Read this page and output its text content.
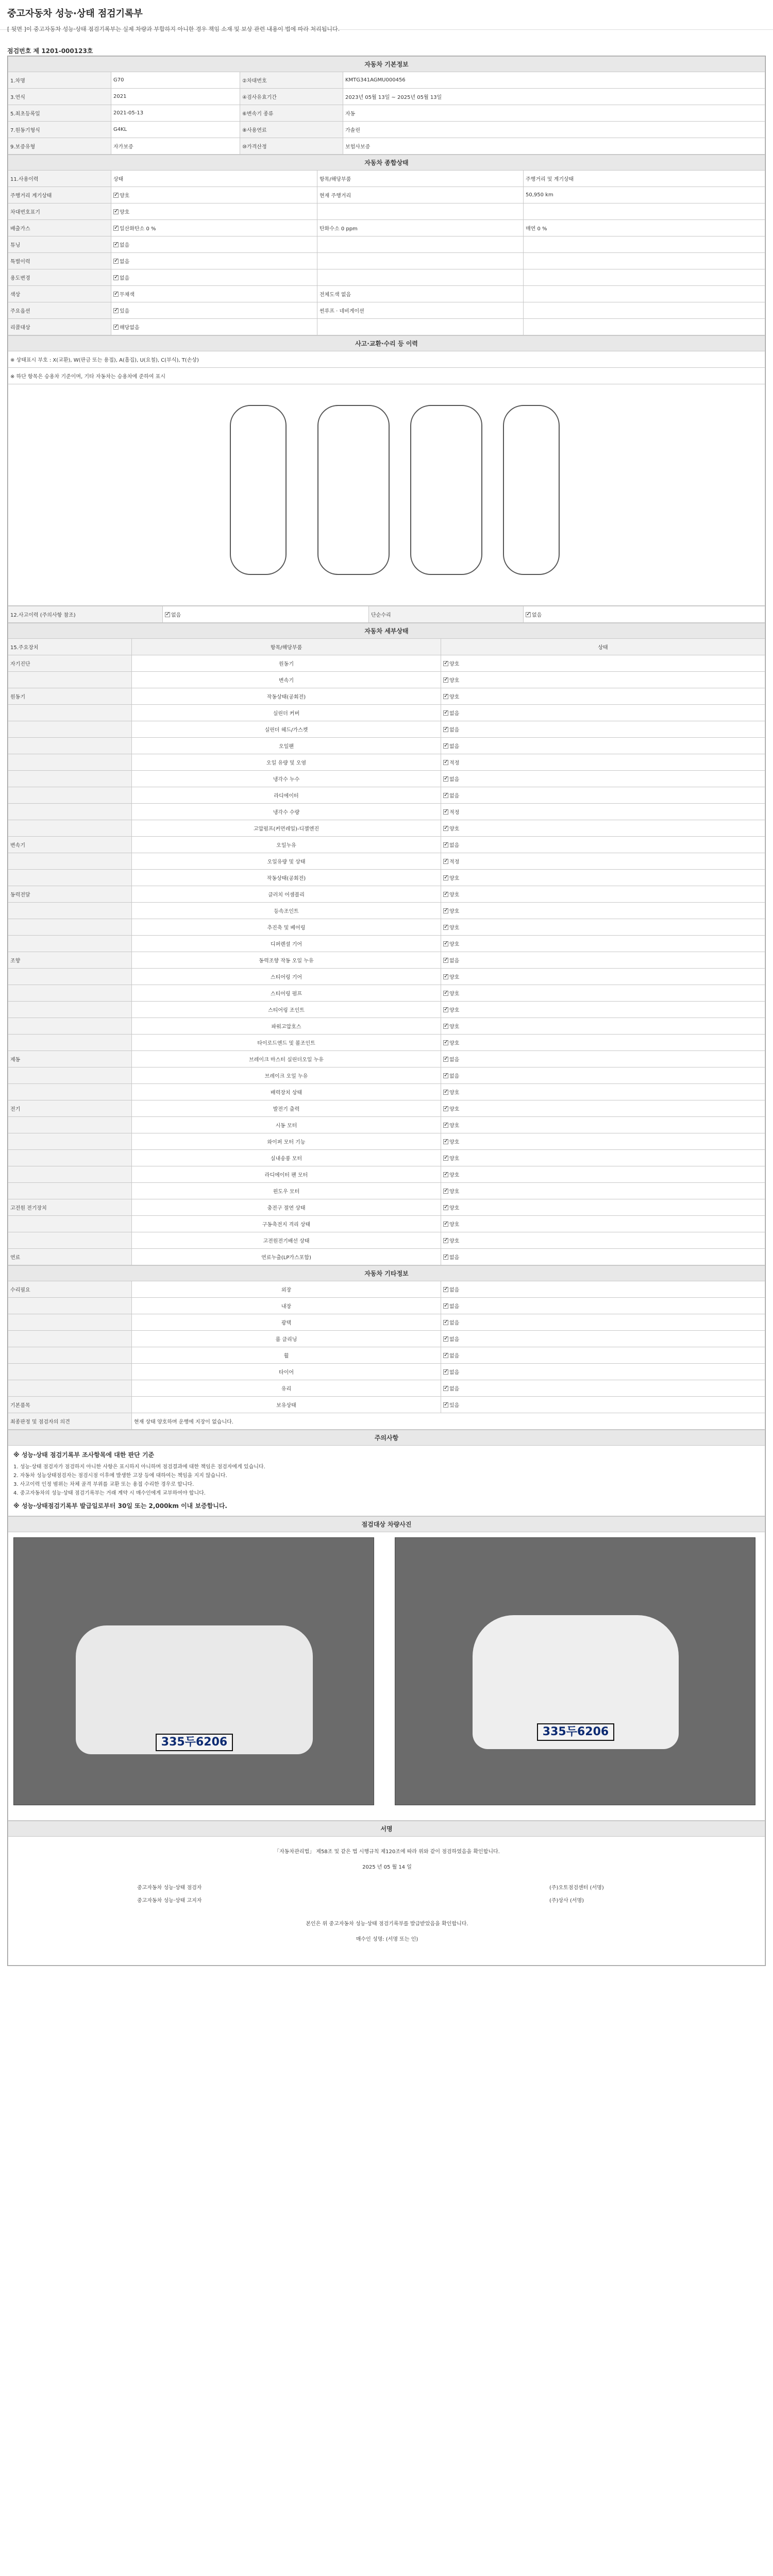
중고자동차 성능·상태 점검기록부
[ 뒷면 ]이 중고자동차 성능·상태 점검기록부는 실제 차량과 부합하지 아니한 경우 책임 소재 및 보상 관련 내용이 법에 따라 처리됩니다.
점검번호 제 1201-000123호
자동차 기본정보			
1.차명	G70	②차대번호	KMTG341AGMU000456
3.연식	2021	④검사유효기간	2023년 05월 13일 ~ 2025년 05월 13일
5.최초등록일	2021-05-13	⑥변속기 종류	자동
7.원동기형식	G4KL	⑧사용연료	가솔린
9.보증유형	자가보증	⑩가격산정	보험사보증
자동차 종합상태			
11.사용이력	상태	항목/해당부품	주행거리 및 계기상태
주행거리 계기상태	✓양호	현재 주행거리	50,950 km
차대번호표기	✓양호		
배출가스	✓일산화탄소 0 %	탄화수소 0 ppm	매연 0 %
튜닝	✓없음		
특별이력	✓없음		
용도변경	✓없음		
색상	✓무채색	전체도색 없음	
주요옵션	✓있음	썬루프 · 네비게이션	
리콜대상	✓해당없음		
사고·교환·수리 등 이력
※ 상태표시 부호 : X(교환), W(판금 또는 용접), A(흠집), U(요철), C(부식), T(손상)
※ 하단 항목은 승용차 기준이며, 기타 자동차는 승용차에 준하여 표시

12.사고이력 (주의사항 참조)	✓없음	단순수리	✓없음
자동차 세부상태		
15.주요장치	항목/해당부품	상태
자기진단	원동기	✓양호
	변속기	✓양호
원동기	작동상태(공회전)	✓양호
	실린더 커버	✓없음
	실린더 헤드/가스켓	✓없음
	오일팬	✓없음
	오일 유량 및 오염	✓적정
	냉각수 누수	✓없음
	라디에이터	✓없음
	냉각수 수량	✓적정
	고압펌프(커먼레일)-디젤엔진	✓양호
변속기	오일누유	✓없음
	오일유량 및 상태	✓적정
	작동상태(공회전)	✓양호
동력전달	클러치 어셈블리	✓양호
	등속조인트	✓양호
	추진축 및 베어링	✓양호
	디퍼렌셜 기어	✓양호
조향	동력조향 작동 오일 누유	✓없음
	스티어링 기어	✓양호
	스티어링 펌프	✓양호
	스티어링 조인트	✓양호
	파워고압호스	✓양호
	타이로드엔드 및 볼조인트	✓양호
제동	브레이크 마스터 실린더오일 누유	✓없음
	브레이크 오일 누유	✓없음
	배력장치 상태	✓양호
전기	발전기 출력	✓양호
	시동 모터	✓양호
	와이퍼 모터 기능	✓양호
	실내송풍 모터	✓양호
	라디에이터 팬 모터	✓양호
	윈도우 모터	✓양호
고전원 전기장치	충전구 절연 상태	✓양호
	구동축전지 격리 상태	✓양호
	고전원전기배선 상태	✓양호
연료	연료누출(LP가스포함)	✓없음
자동차 기타정보		
수리필요	외장	✓없음
	내장	✓없음
	광택	✓없음
	룸 클리닝	✓없음
	휠	✓없음
	타이어	✓없음
	유리	✓없음
기본품목	보유상태	✓있음
최종판정 및 점검자의 의견	현재 상태 양호하며 운행에 지장이 없습니다.	
주의사항

※ 성능·상태 점검기록부 조사항목에 대한 판단 기준
1. 성능·상태 점검자가 점검하지 아니한 사항은 표시하지 아니하며 점검결과에 대한 책임은 점검자에게 있습니다.
2. 자동차 성능상태점검자는 점검시점 이후에 발생한 고장 등에 대하여는 책임을 지지 않습니다.
3. 사고이력 인정 범위는 차체 골격 부위를 교환 또는 용접 수리한 경우로 합니다.
4. 중고자동차의 성능·상태 점검기록부는 거래 계약 시 매수인에게 교부하여야 합니다.
※ 성능·상태점검기록부 발급일로부터 30일 또는 2,000km 이내 보증합니다.
점검대상 차량사진

335두6206
335두6206
서명

「자동차관리법」 제58조 및 같은 법 시행규칙 제120조에 따라 위와 같이 점검하였음을 확인합니다.
2025 년 05 월 14 일
중고자동차 성능·상태 점검자	(주)오토점검센터 (서명)
중고자동차 성능·상태 고지자	(주)상사 (서명)
본인은 위 중고자동차 성능·상태 점검기록부를 발급받았음을 확인합니다.
매수인 성명: (서명 또는 인)
